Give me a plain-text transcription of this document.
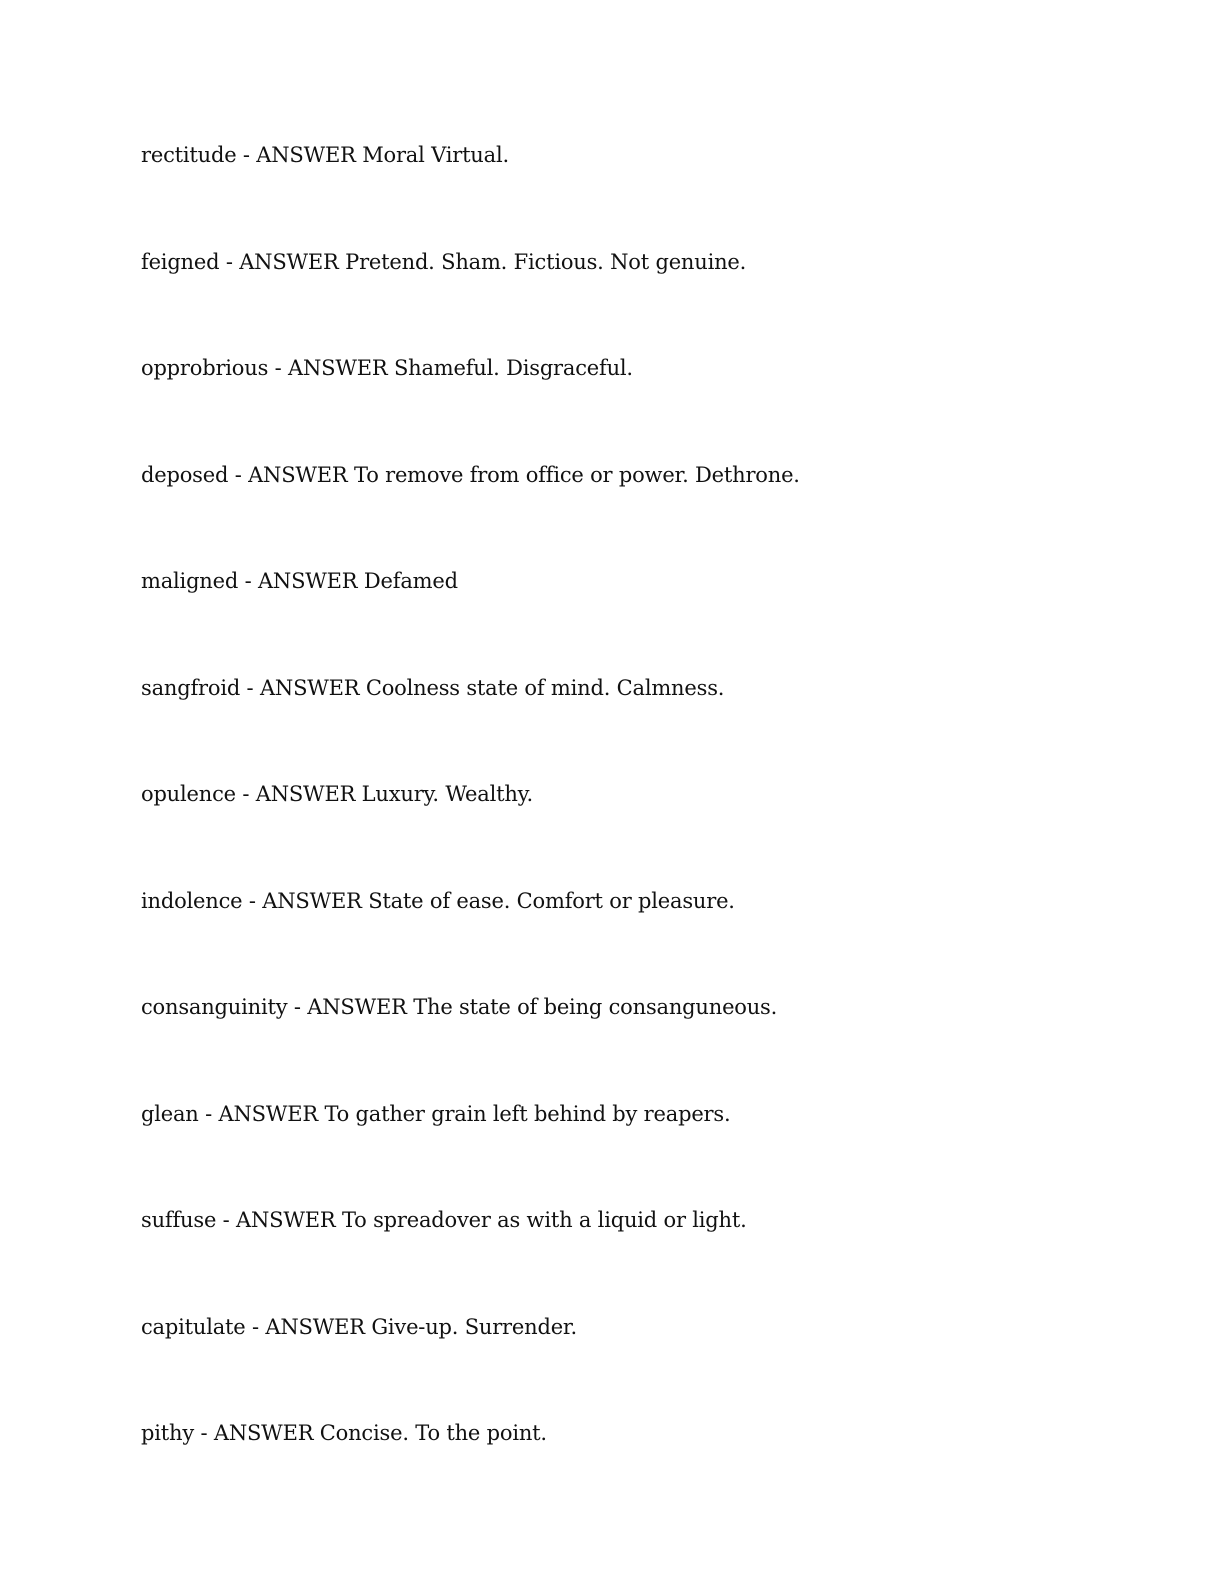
rectitude - ANSWER Moral Virtual.
feigned - ANSWER Pretend. Sham. Fictious. Not genuine.
opprobrious - ANSWER Shameful. Disgraceful.
deposed - ANSWER To remove from office or power. Dethrone.
maligned - ANSWER Defamed
sangfroid - ANSWER Coolness state of mind. Calmness.
opulence - ANSWER Luxury. Wealthy.
indolence - ANSWER State of ease. Comfort or pleasure.
consanguinity - ANSWER The state of being consanguneous.
glean - ANSWER To gather grain left behind by reapers.
suffuse - ANSWER To spreadover as with a liquid or light.
capitulate - ANSWER Give-up. Surrender.
pithy - ANSWER Concise. To the point.
